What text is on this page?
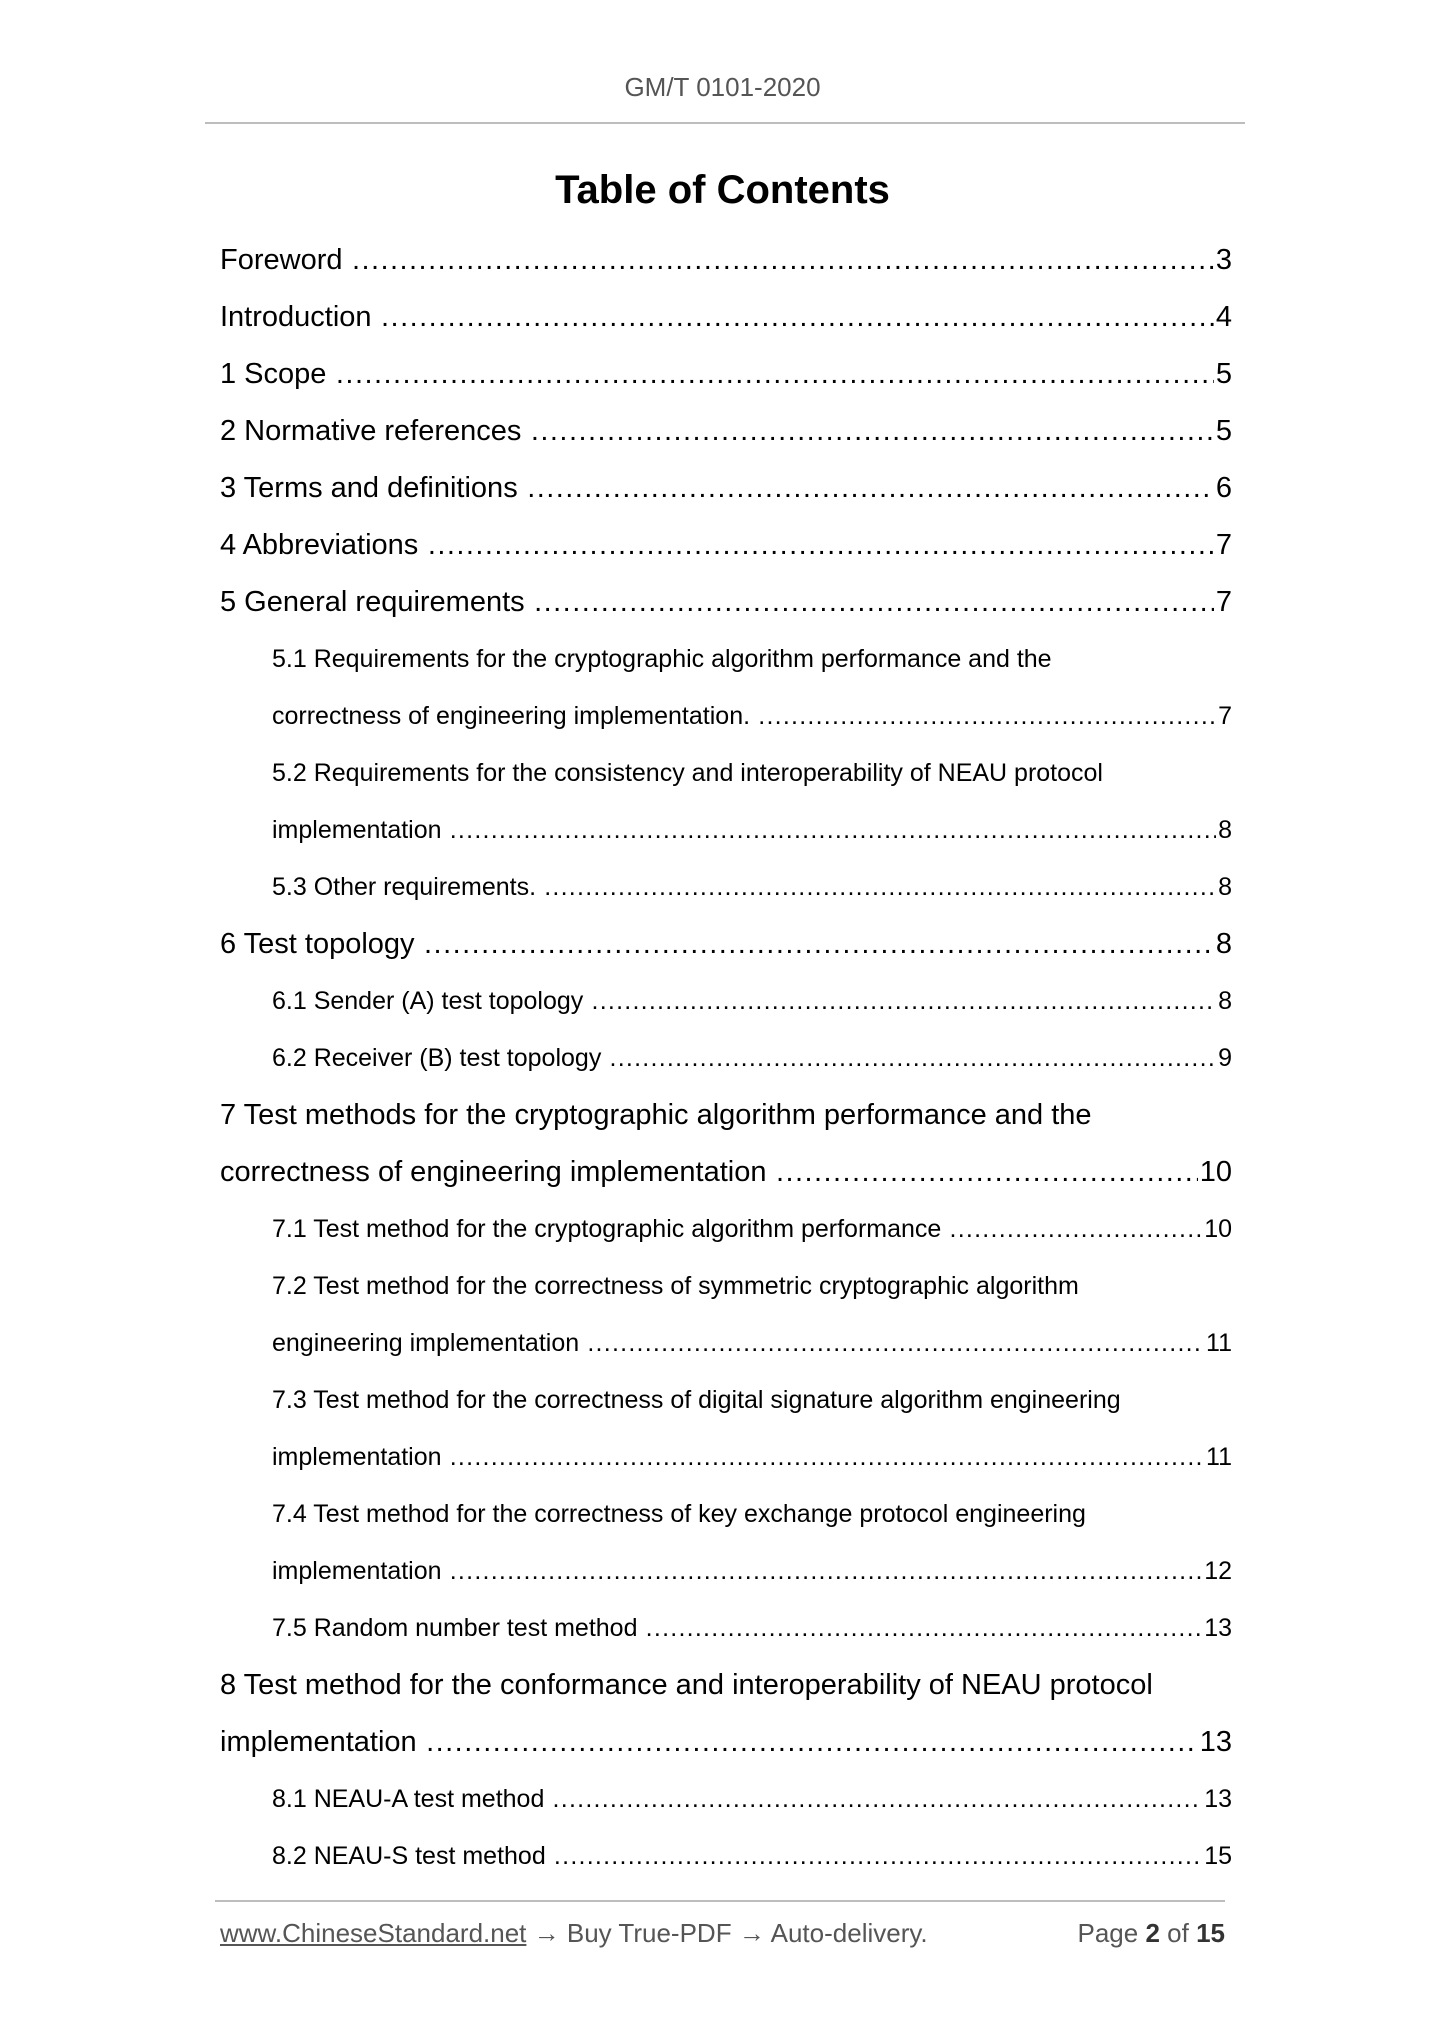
GM/T 0101-2020
Table of Contents
Foreword .....	3
Introduction .....	4
1 Scope .....	5
2 Normative references .....	5
3 Terms and definitions .....	6
4 Abbreviations .....	7
5 General requirements .....	7
5.1 Requirements for the cryptographic algorithm performance and the
correctness of engineering implementation. .....	7
5.2 Requirements for the consistency and interoperability of NEAU protocol
implementation .....	8
5.3 Other requirements. .....	8
6 Test topology .....	8
6.1 Sender (A) test topology .....	8
6.2 Receiver (B) test topology .....	9
7 Test methods for the cryptographic algorithm performance and the
correctness of engineering implementation .....	10
7.1 Test method for the cryptographic algorithm performance .....	10
7.2 Test method for the correctness of symmetric cryptographic algorithm
engineering implementation .....	11
7.3 Test method for the correctness of digital signature algorithm engineering
implementation .....	11
7.4 Test method for the correctness of key exchange protocol engineering
implementation .....	12
7.5 Random number test method .....	13
8 Test method for the conformance and interoperability of NEAU protocol
implementation .....	13
8.1 NEAU-A test method .....	13
8.2 NEAU-S test method .....	15
www.ChineseStandard.net → Buy True-PDF → Auto-delivery.	Page 2 of 15
